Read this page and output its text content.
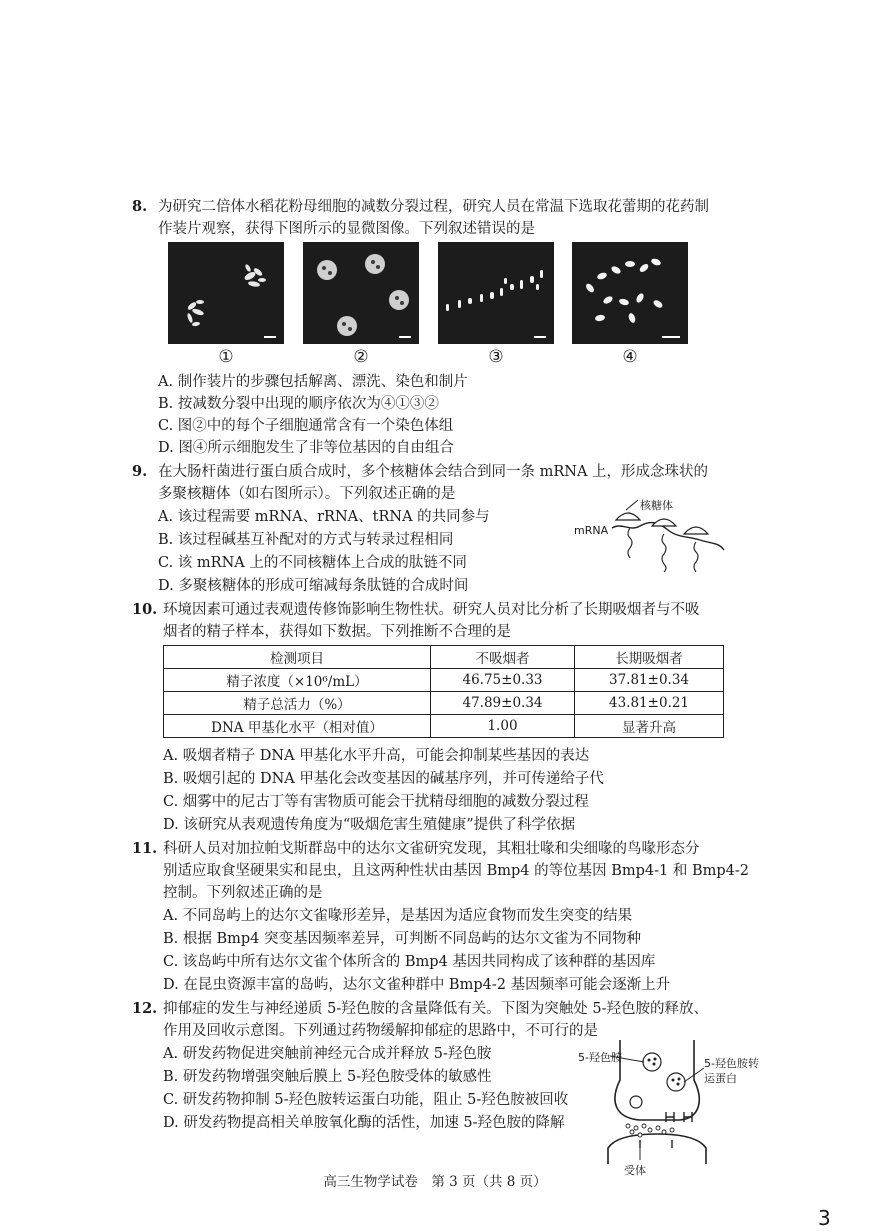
8. 为研究二倍体水稻花粉母细胞的减数分裂过程，研究人员在常温下选取花蕾期的花药制
作装片观察，获得下图所示的显微图像。下列叙述错误的是
①	②	③	④
A. 制作装片的步骤包括解离、漂洗、染色和制片
B. 按减数分裂中出现的顺序依次为④①③②
C. 图②中的每个子细胞通常含有一个染色体组
D. 图④所示细胞发生了非等位基因的自由组合
9. 在大肠杆菌进行蛋白质合成时，多个核糖体会结合到同一条 mRNA 上，形成念珠状的
多聚核糖体（如右图所示）。下列叙述正确的是
A. 该过程需要 mRNA、rRNA、tRNA 的共同参与
B. 该过程碱基互补配对的方式与转录过程相同
C. 该 mRNA 上的不同核糖体上合成的肽链不同
D. 多聚核糖体的形成可缩减每条肽链的合成时间
核糖体
mRNA
10. 环境因素可通过表观遗传修饰影响生物性状。研究人员对比分析了长期吸烟者与不吸
烟者的精子样本，获得如下数据。下列推断不合理的是
检测项目	不吸烟者	长期吸烟者
精子浓度（×10⁶/mL）	46.75±0.33	37.81±0.34
精子总活力（%）	47.89±0.34	43.81±0.21
DNA 甲基化水平（相对值）	1.00	显著升高
A. 吸烟者精子 DNA 甲基化水平升高，可能会抑制某些基因的表达
B. 吸烟引起的 DNA 甲基化会改变基因的碱基序列，并可传递给子代
C. 烟雾中的尼古丁等有害物质可能会干扰精母细胞的减数分裂过程
D. 该研究从表观遗传角度为“吸烟危害生殖健康”提供了科学依据
11. 科研人员对加拉帕戈斯群岛中的达尔文雀研究发现，其粗壮喙和尖细喙的鸟喙形态分
别适应取食坚硬果实和昆虫，且这两种性状由基因 Bmp4 的等位基因 Bmp4-1 和 Bmp4-2
控制。下列叙述正确的是
A. 不同岛屿上的达尔文雀喙形差异，是基因为适应食物而发生突变的结果
B. 根据 Bmp4 突变基因频率差异，可判断不同岛屿的达尔文雀为不同物种
C. 该岛屿中所有达尔文雀个体所含的 Bmp4 基因共同构成了该种群的基因库
D. 在昆虫资源丰富的岛屿，达尔文雀种群中 Bmp4-2 基因频率可能会逐渐上升
12. 抑郁症的发生与神经递质 5-羟色胺的含量降低有关。下图为突触处 5-羟色胺的释放、
作用及回收示意图。下列通过药物缓解抑郁症的思路中，不可行的是
A. 研发药物促进突触前神经元合成并释放 5-羟色胺
B. 研发药物增强突触后膜上 5-羟色胺受体的敏感性
C. 研发药物抑制 5-羟色胺转运蛋白功能，阻止 5-羟色胺被回收
D. 研发药物提高相关单胺氧化酶的活性，加速 5-羟色胺的降解
5-羟色胺	5-羟色胺转
运蛋白
受体
高三生物学试卷　第 3 页（共 8 页）
3
